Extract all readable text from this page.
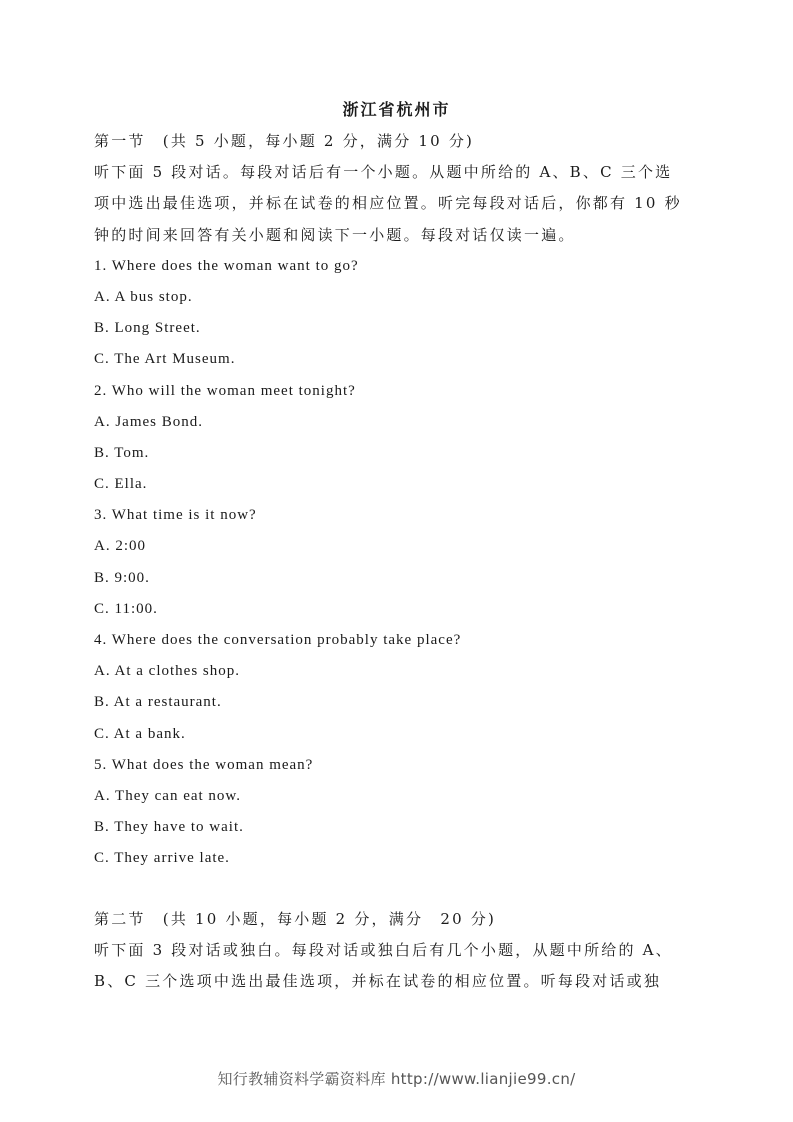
浙江省杭州市
第一节　(共 5 小题，每小题 2 分，满分 10 分)
听下面 5 段对话。每段对话后有一个小题。从题中所给的 A、B、C 三个选
项中选出最佳选项，并标在试卷的相应位置。听完每段对话后，你都有 10 秒
钟的时间来回答有关小题和阅读下一小题。每段对话仅读一遍。
1. Where does the woman want to go?
A. A bus stop.
B. Long Street.
C. The Art Museum.
2. Who will the woman meet tonight?
A. James Bond.
B. Tom.
C. Ella.
3. What time is it now?
A. 2:00
B. 9:00.
C. 11:00.
4. Where does the conversation probably take place?
A. At a clothes shop.
B. At a restaurant.
C. At a bank.
5. What does the woman mean?
A. They can eat now.
B. They have to wait.
C. They arrive late.
第二节　(共 10 小题，每小题 2 分，满分　20 分)
听下面 3 段对话或独白。每段对话或独白后有几个小题，从题中所给的 A、
B、C 三个选项中选出最佳选项，并标在试卷的相应位置。听每段对话或独
知行教辅资料学霸资料库 http://www.lianjie99.cn/
